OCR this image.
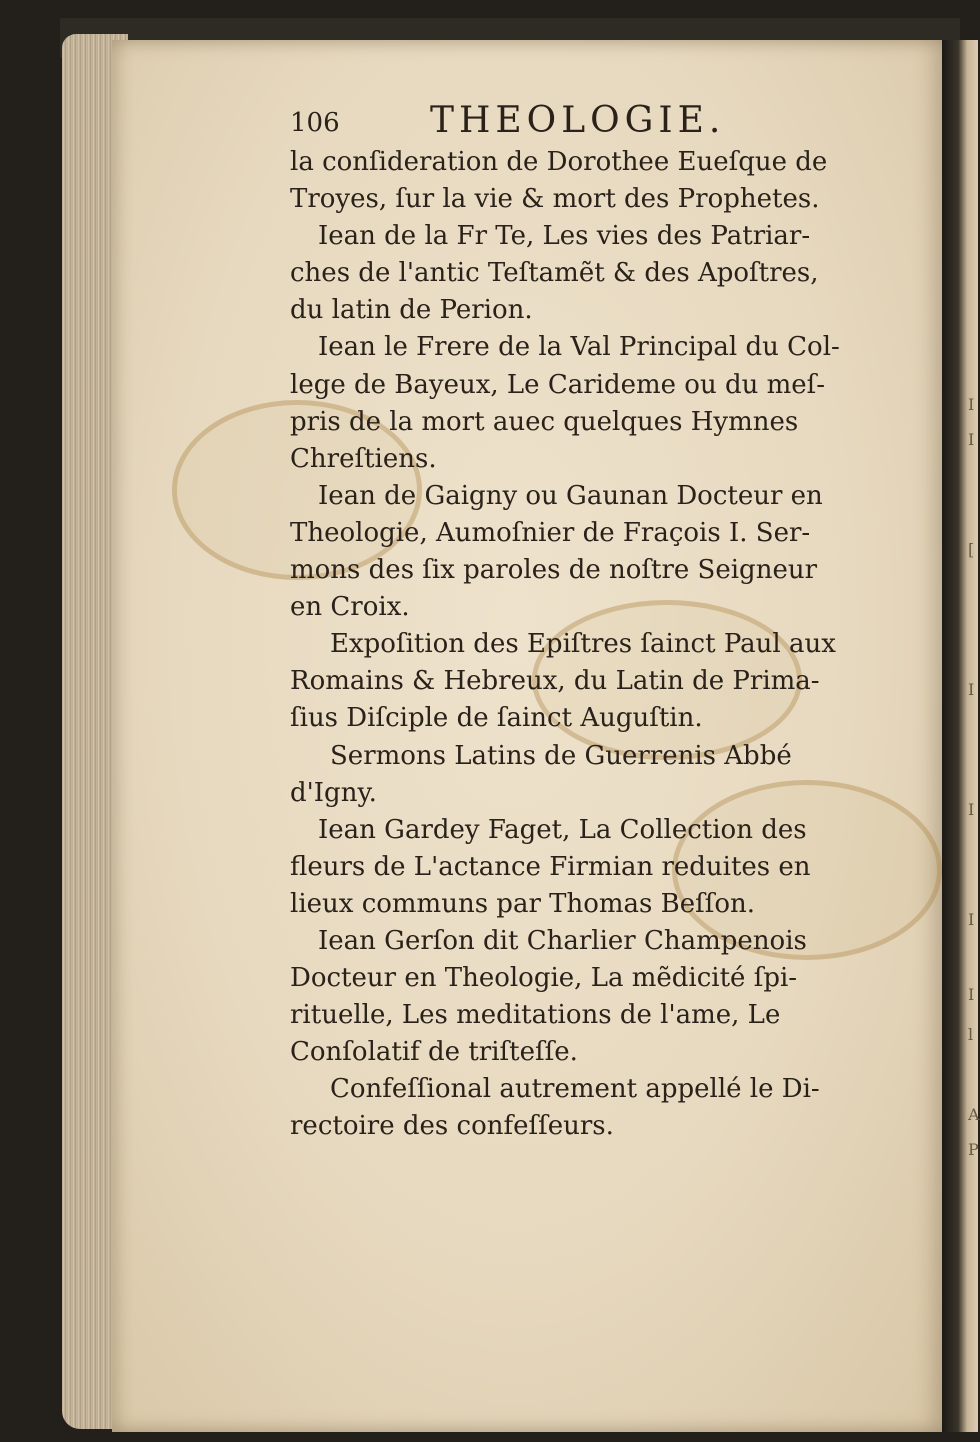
I
I
[
I
I
I
I
l
A
P
106	THEOLOGIE.
la conſideration de Dorothee Eueſque de
Troyes, ſur la vie & mort des Prophetes.
Iean de la Fr Te, Les vies des Patriar-
ches de l'antic Teſtamẽt & des Apoſtres,
du latin de Perion.
Iean le Frere de la Val Principal du Col-
lege de Bayeux, Le Carideme ou du meſ-
pris de la mort auec quelques Hymnes
Chreſtiens.
Iean de Gaigny ou Gaunan Docteur en
Theologie, Aumoſnier de Fraçois I. Ser-
mons des ſix paroles de noſtre Seigneur
en Croix.
Expoſition des Epiſtres ſainct Paul aux
Romains & Hebreux, du Latin de Prima-
ſius Diſciple de ſainct Auguſtin.
Sermons Latins de Guerrenis Abbé
d'Igny.
Iean Gardey Faget, La Collection des
fleurs de L'actance Firmian reduites en
lieux communs par Thomas Beſſon.
Iean Gerſon dit Charlier Champenois
Docteur en Theologie, La mẽdicité ſpi-
rituelle, Les meditations de l'ame, Le
Conſolatif de triſteſſe.
Confeſſional autrement appellé le Di-
rectoire des confeſſeurs.
